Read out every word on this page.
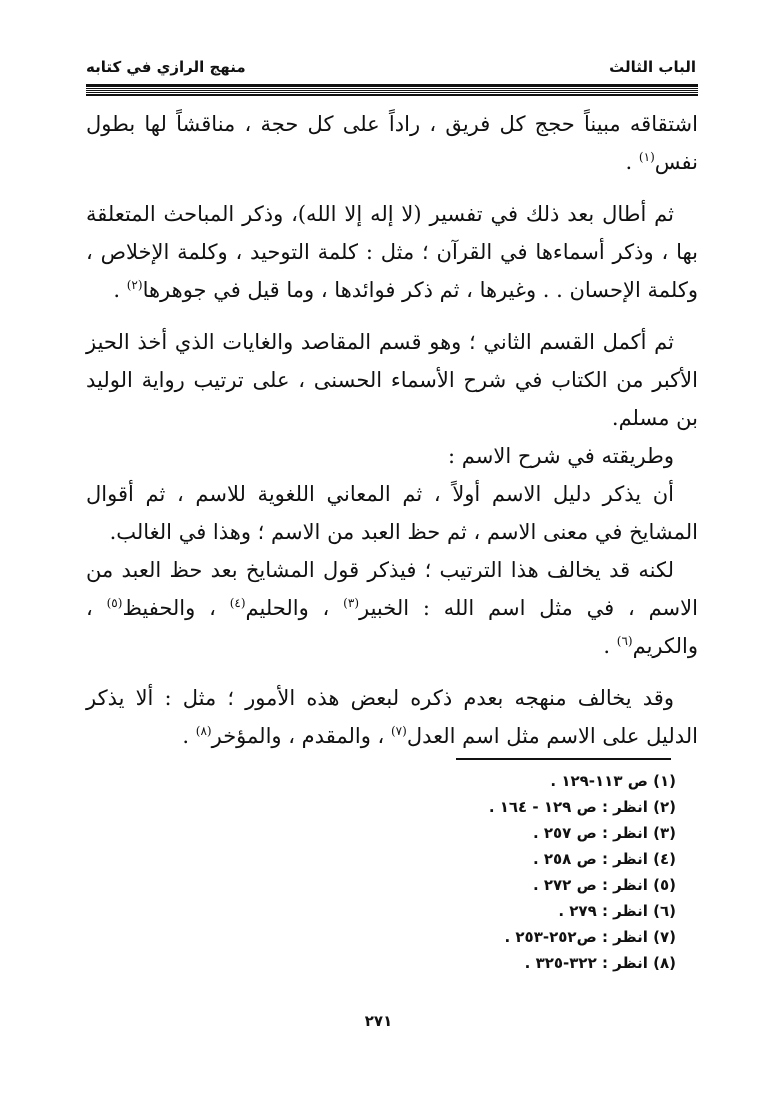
الباب الثالث
منهج الرازي في كتابه

اشتقاقه مبيناً حجج كل فريق ، راداً على كل حجة ، مناقشاً لها بطول نفس$^{(١)}$ .

ثم أطال بعد ذلك في تفسير (لا إله إلا الله)، وذكر المباحث المتعلقة بها ، وذكر أسماءها في القرآن ؛ مثل : كلمة التوحيد ، وكلمة الإخلاص ، وكلمة الإحسان . . وغيرها ، ثم ذكر فوائدها ، وما قيل في جوهرها$^{(٢)}$ .

ثم أكمل القسم الثاني ؛ وهو قسم المقاصد والغايات الذي أخذ الحيز الأكبر من الكتاب في شرح الأسماء الحسنى ، على ترتيب رواية الوليد بن مسلم.

وطريقته في شرح الاسم :

أن يذكر دليل الاسم أولاً ، ثم المعاني اللغوية للاسم ، ثم أقوال المشايخ في معنى الاسم ، ثم حظ العبد من الاسم ؛ وهذا في الغالب.

لكنه قد يخالف هذا الترتيب ؛ فيذكر قول المشايخ بعد حظ العبد من الاسم ، في مثل اسم الله : الخبير$^{(٣)}$ ، والحليم$^{(٤)}$ ، والحفيظ$^{(٥)}$ ، والكريم$^{(٦)}$ .

وقد يخالف منهجه بعدم ذكره لبعض هذه الأمور ؛ مثل : ألا يذكر الدليل على الاسم مثل اسم العدل$^{(٧)}$ ، والمقدم ، والمؤخر$^{(٨)}$ .

(١) ص ١١٣-١٢٩ .
(٢) انظر : ص ١٢٩ - ١٦٤ .
(٣) انظر : ص ٢٥٧ .
(٤) انظر : ص ٢٥٨ .
(٥) انظر : ص ٢٧٢ .
(٦) انظر : ٢٧٩ .
(٧) انظر : ص٢٥٢-٢٥٣ .
(٨) انظر : ٣٢٢-٣٢٥ .
٢٧١
